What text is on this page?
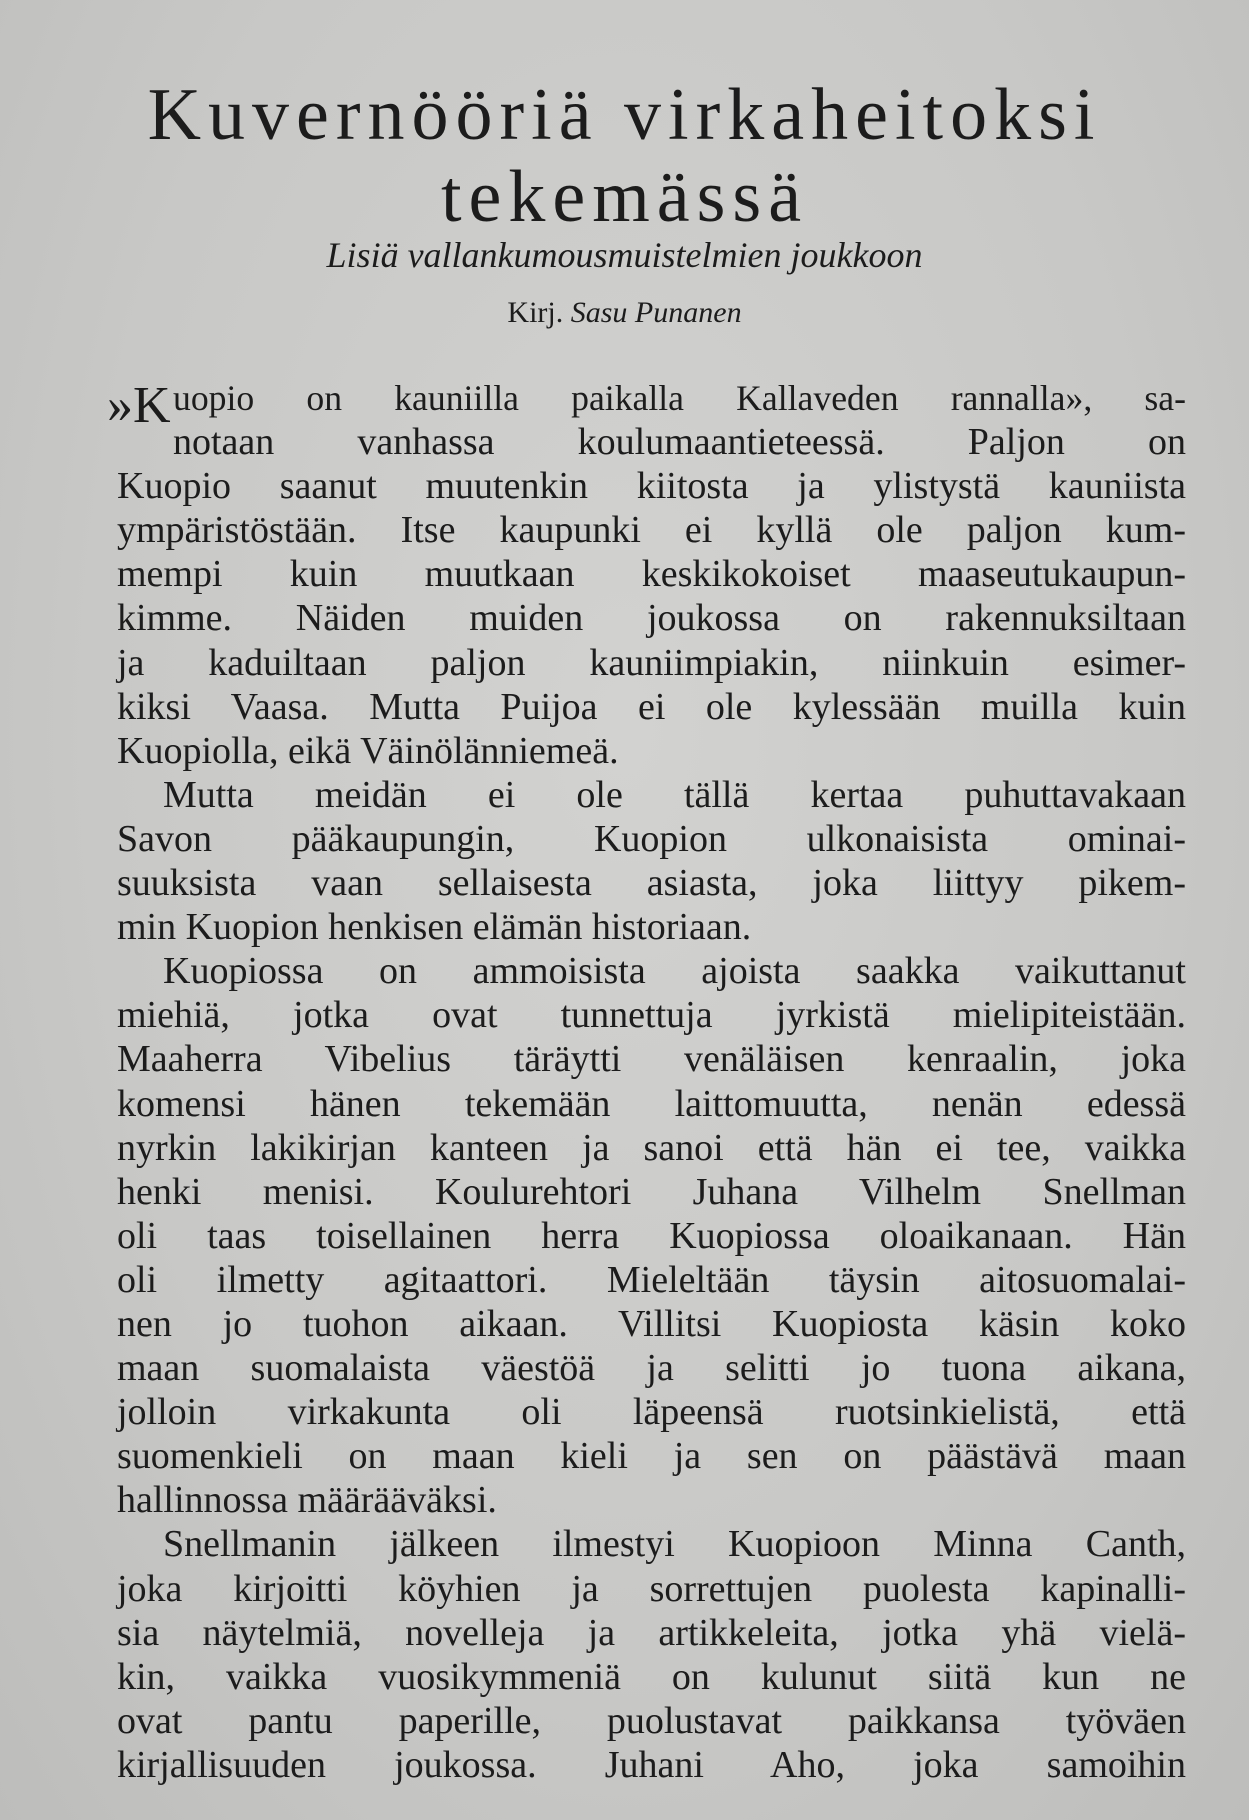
Kuvernööriä virkaheitoksi
tekemässä
Lisiä vallankumousmuistelmien joukkoon
Kirj. Sasu Punanen
»K uopio on kauniilla paikalla Kallaveden rannalla», sa-
notaan vanhassa koulumaantieteessä. Paljon on
Kuopio saanut muutenkin kiitosta ja ylistystä kauniista
ympäristöstään. Itse kaupunki ei kyllä ole paljon kum-
mempi kuin muutkaan keskikokoiset maaseutukaupun-
kimme. Näiden muiden joukossa on rakennuksiltaan
ja kaduiltaan paljon kauniimpiakin, niinkuin esimer-
kiksi Vaasa. Mutta Puijoa ei ole kylessään muilla kuin
Kuopiolla, eikä Väinölänniemeä.
Mutta meidän ei ole tällä kertaa puhuttavakaan
Savon pääkaupungin, Kuopion ulkonaisista ominai-
suuksista vaan sellaisesta asiasta, joka liittyy pikem-
min Kuopion henkisen elämän historiaan.
Kuopiossa on ammoisista ajoista saakka vaikuttanut
miehiä, jotka ovat tunnettuja jyrkistä mielipiteistään.
Maaherra Vibelius täräytti venäläisen kenraalin, joka
komensi hänen tekemään laittomuutta, nenän edessä
nyrkin lakikirjan kanteen ja sanoi että hän ei tee, vaikka
henki menisi. Koulurehtori Juhana Vilhelm Snellman
oli taas toisellainen herra Kuopiossa oloaikanaan. Hän
oli ilmetty agitaattori. Mieleltään täysin aitosuomalai-
nen jo tuohon aikaan. Villitsi Kuopiosta käsin koko
maan suomalaista väestöä ja selitti jo tuona aikana,
jolloin virkakunta oli läpeensä ruotsinkielistä, että
suomenkieli on maan kieli ja sen on päästävä maan
hallinnossa määrääväksi.
Snellmanin jälkeen ilmestyi Kuopioon Minna Canth,
joka kirjoitti köyhien ja sorrettujen puolesta kapinalli-
sia näytelmiä, novelleja ja artikkeleita, jotka yhä vielä-
kin, vaikka vuosikymmeniä on kulunut siitä kun ne
ovat pantu paperille, puolustavat paikkansa työväen
kirjallisuuden joukossa. Juhani Aho, joka samoihin
